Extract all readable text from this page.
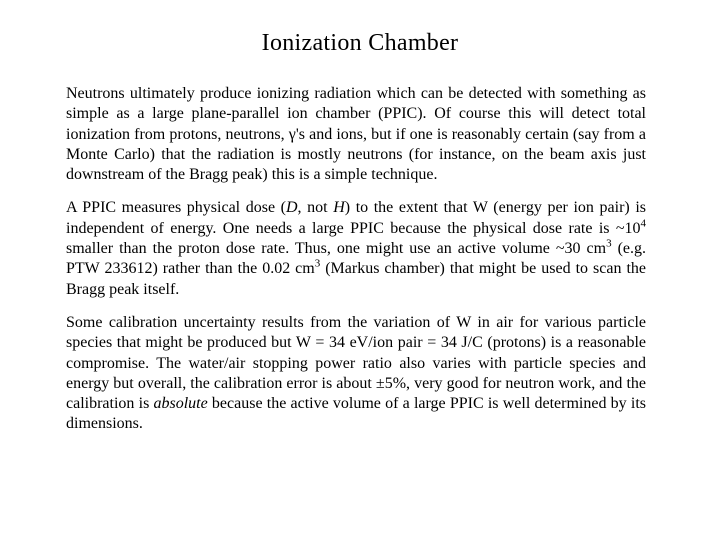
Ionization Chamber

Neutrons ultimately produce ionizing radiation which can be detected with something as simple as a large plane-parallel ion chamber (PPIC). Of course this will detect total ionization from protons, neutrons, γ's and ions, but if one is reasonably certain (say from a Monte Carlo) that the radiation is mostly neutrons (for instance, on the beam axis just downstream of the Bragg peak) this is a simple technique.

A PPIC measures physical dose (D, not H) to the extent that W (energy per ion pair) is independent of energy. One needs a large PPIC because the physical dose rate is $\sim 10^4$ smaller than the proton dose rate. Thus, one might use an active volume ~30 $cm^3$ (e.g. PTW 233612) rather than the 0.02 $cm^3$ (Markus chamber) that might be used to scan the Bragg peak itself.

Some calibration uncertainty results from the variation of W in air for various particle species that might be produced but W = 34 eV/ion pair = 34 J/C (protons) is a reasonable compromise. The water/air stopping power ratio also varies with particle species and energy but overall, the calibration error is about ±5%, very good for neutron work, and the calibration is absolute because the active volume of a large PPIC is well determined by its dimensions.
